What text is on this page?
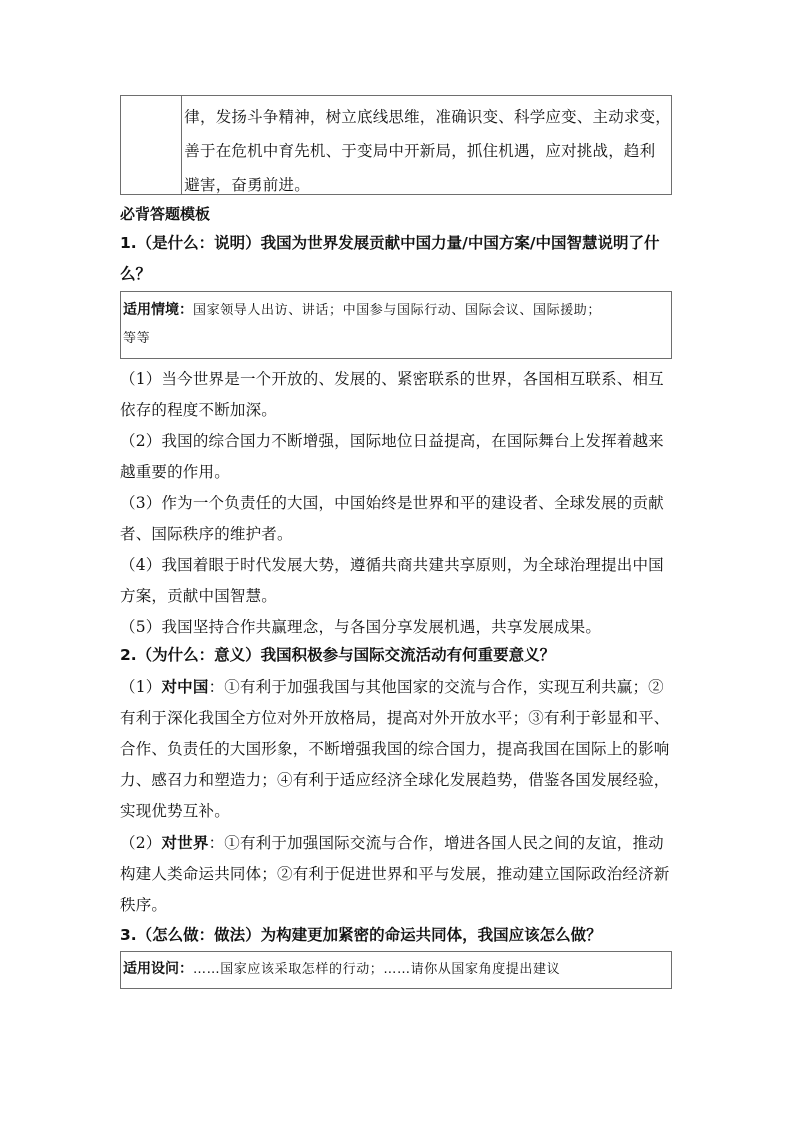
律，发扬斗争精神，树立底线思维，准确识变、科学应变、主动求变，
善于在危机中育先机、于变局中开新局，抓住机遇，应对挑战，趋利
避害，奋勇前进。
必背答题模板
1.（是什么：说明）我国为世界发展贡献中国力量/中国方案/中国智慧说明了什
么？
适用情境：国家领导人出访、讲话；中国参与国际行动、国际会议、国际援助；
等等
（1）当今世界是一个开放的、发展的、紧密联系的世界，各国相互联系、相互
依存的程度不断加深。
（2）我国的综合国力不断增强，国际地位日益提高，在国际舞台上发挥着越来
越重要的作用。
（3）作为一个负责任的大国，中国始终是世界和平的建设者、全球发展的贡献
者、国际秩序的维护者。
（4）我国着眼于时代发展大势，遵循共商共建共享原则，为全球治理提出中国
方案，贡献中国智慧。
（5）我国坚持合作共赢理念，与各国分享发展机遇，共享发展成果。
2.（为什么：意义）我国积极参与国际交流活动有何重要意义？
（1）对中国：①有利于加强我国与其他国家的交流与合作，实现互利共赢；②
有利于深化我国全方位对外开放格局，提高对外开放水平；③有利于彰显和平、
合作、负责任的大国形象，不断增强我国的综合国力，提高我国在国际上的影响
力、感召力和塑造力；④有利于适应经济全球化发展趋势，借鉴各国发展经验，
实现优势互补。
（2）对世界：①有利于加强国际交流与合作，增进各国人民之间的友谊，推动
构建人类命运共同体；②有利于促进世界和平与发展，推动建立国际政治经济新
秩序。
3.（怎么做：做法）为构建更加紧密的命运共同体，我国应该怎么做？
适用设问：……国家应该采取怎样的行动；……请你从国家角度提出建议
